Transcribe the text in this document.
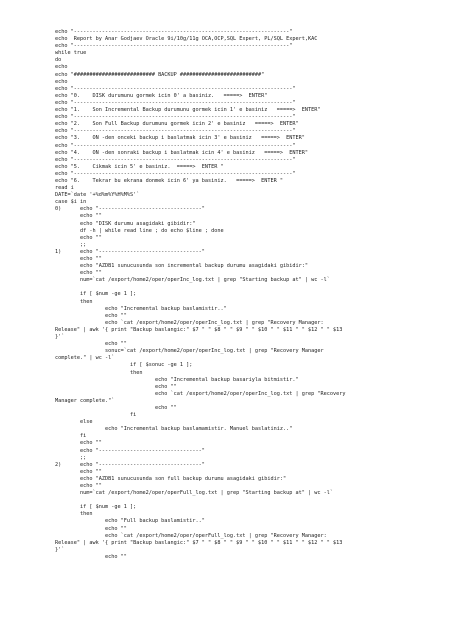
echo "---------------------------------------------------------------------"
echo  Report by Anar Godjaev Oracle 9i/10g/11g OCA,OCP,SQL Expert, PL/SQL Expert,KAC
echo "---------------------------------------------------------------------"
while true
do
echo
echo "########################## BACKUP ##########################"
echo
echo "----------------------------------------------------------------------"
echo "0.    DISK durumunu gormek icin 0' a basiniz.   =====>  ENTER"
echo "----------------------------------------------------------------------"
echo "1.    Son Incremental Backup durumunu gormek icin 1' e basiniz   =====>  ENTER"
echo "----------------------------------------------------------------------"
echo "2.    Son Full Backup durumunu gormek icin 2' e basiniz   =====>  ENTER"
echo "----------------------------------------------------------------------"
echo "3.    ON -den onceki backup i baslatmak icin 3' e basiniz   =====>  ENTER"
echo "----------------------------------------------------------------------"
echo "4.    ON -den sonraki backup i baslatmak icin 4' e basiniz   =====>  ENTER"
echo "----------------------------------------------------------------------"
echo "5.    Cikmak icin 5' e basiniz.  =====>  ENTER "
echo "----------------------------------------------------------------------"
echo "6.    Tekrar bu ekrana donmek icin 6' ya basiniz.   =====>  ENTER "
read i
DATE=`date '+%d%m%Y%H%M%S'`
case $i in
0)      echo "---------------------------------"
echo ""
echo "DISK durumu asagidaki gibidir:"
df -h | while read line ; do echo $line ; done
echo ""
;;
1)      echo "---------------------------------"
echo ""
echo "AZDB1 sunucusunda son incremental backup durumu asagidaki gibidir:"
echo ""
num=`cat /export/home2/oper/operInc_log.txt | grep "Starting backup at" | wc -l`
if [ $num -ge 1 ];
then
echo "Incremental backup baslamistir.."
echo ""
echo `cat /export/home2/oper/operInc_log.txt | grep "Recovery Manager:
Release" | awk '{ print "Backup baslangic:" $7 " " $8 " " $9 " " $10 " " $11 " " $12 " " $13
}'`
echo ""
sonuc=`cat /export/home2/oper/operInc_log.txt | grep "Recovery Manager
complete." | wc -l`
if [ $sonuc -ge 1 ];
then
echo "Incremental backup basariyla bitmistir."
echo ""
echo `cat /export/home2/oper/operInc_log.txt | grep "Recovery
Manager complete."`
echo ""
fi
else
echo "Incremental backup baslamamistir. Manuel baslatiniz.."
fi
echo ""
echo "---------------------------------"
;;
2)      echo "---------------------------------"
echo ""
echo "AZDB1 sunucusunda son full backup durumu asagidaki gibidir:"
echo ""
num=`cat /export/home2/oper/operFull_log.txt | grep "Starting backup at" | wc -l`
if [ $num -ge 1 ];
then
echo "Full backup baslamistir.."
echo ""
echo `cat /export/home2/oper/operFull_log.txt | grep "Recovery Manager:
Release" | awk '{ print "Backup baslangic:" $7 " " $8 " " $9 " " $10 " " $11 " " $12 " " $13
}'`
echo ""
